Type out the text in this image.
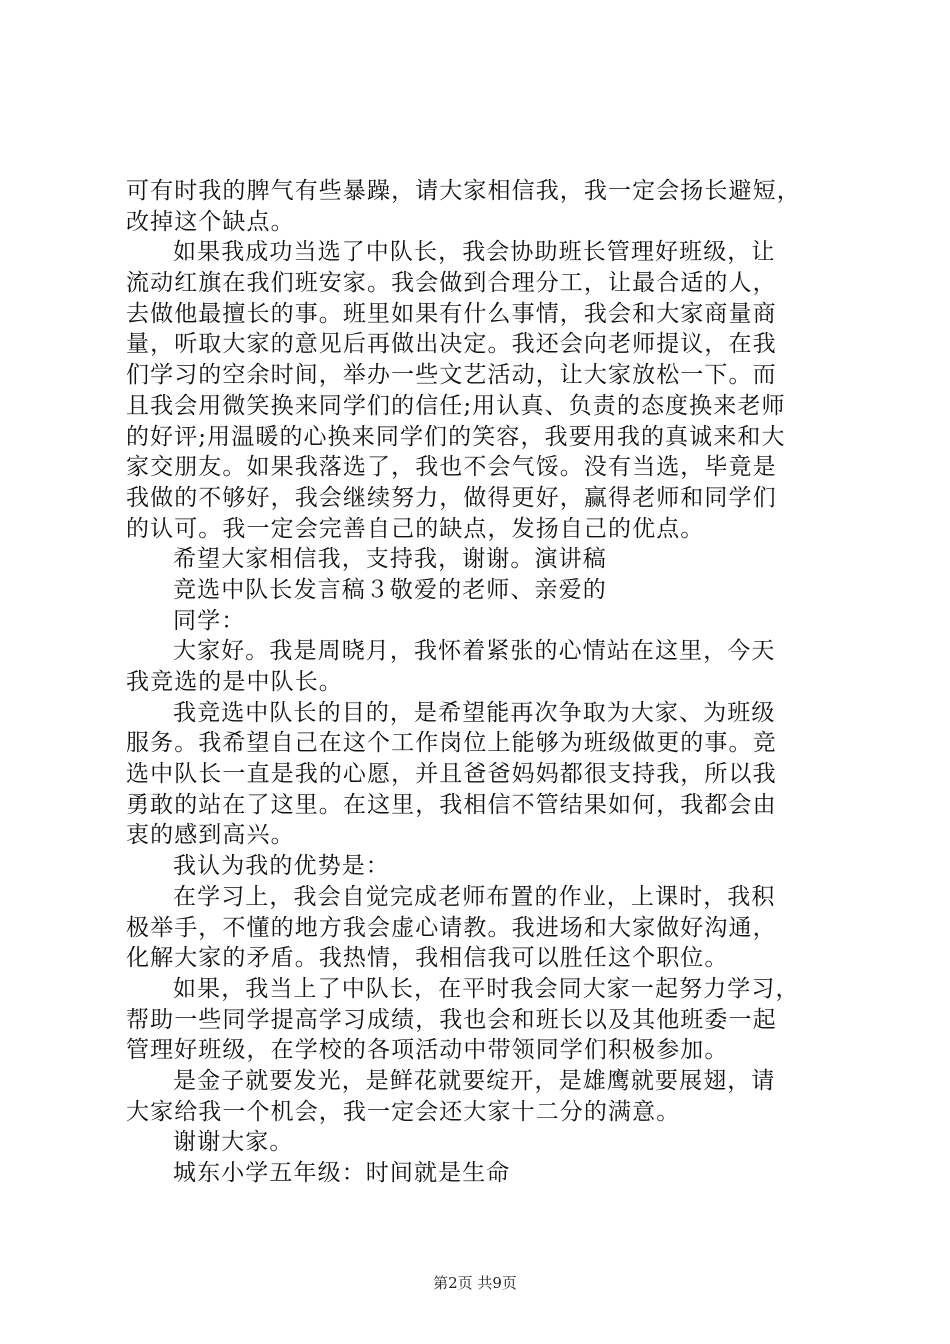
可有时我的脾气有些暴躁，请大家相信我，我一定会扬长避短，
改掉这个缺点。
如果我成功当选了中队长，我会协助班长管理好班级，让
流动红旗在我们班安家。我会做到合理分工，让最合适的人，
去做他最擅长的事。班里如果有什么事情，我会和大家商量商
量，听取大家的意见后再做出决定。我还会向老师提议，在我
们学习的空余时间，举办一些文艺活动，让大家放松一下。而
且我会用微笑换来同学们的信任;用认真、负责的态度换来老师
的好评;用温暖的心换来同学们的笑容，我要用我的真诚来和大
家交朋友。如果我落选了，我也不会气馁。没有当选，毕竟是
我做的不够好，我会继续努力，做得更好，赢得老师和同学们
的认可。我一定会完善自己的缺点，发扬自己的优点。
希望大家相信我，支持我，谢谢。演讲稿
竞选中队长发言稿３敬爱的老师、亲爱的
同学：
大家好。我是周晓月，我怀着紧张的心情站在这里，今天
我竞选的是中队长。
我竞选中队长的目的，是希望能再次争取为大家、为班级
服务。我希望自己在这个工作岗位上能够为班级做更的事。竞
选中队长一直是我的心愿，并且爸爸妈妈都很支持我，所以我
勇敢的站在了这里。在这里，我相信不管结果如何，我都会由
衷的感到高兴。
我认为我的优势是：
在学习上，我会自觉完成老师布置的作业，上课时，我积
极举手，不懂的地方我会虚心请教。我进场和大家做好沟通，
化解大家的矛盾。我热情，我相信我可以胜任这个职位。
如果，我当上了中队长，在平时我会同大家一起努力学习，
帮助一些同学提高学习成绩，我也会和班长以及其他班委一起
管理好班级，在学校的各项活动中带领同学们积极参加。
是金子就要发光，是鲜花就要绽开，是雄鹰就要展翅，请
大家给我一个机会，我一定会还大家十二分的满意。
谢谢大家。
城东小学五年级：时间就是生命
第2页 共9页
